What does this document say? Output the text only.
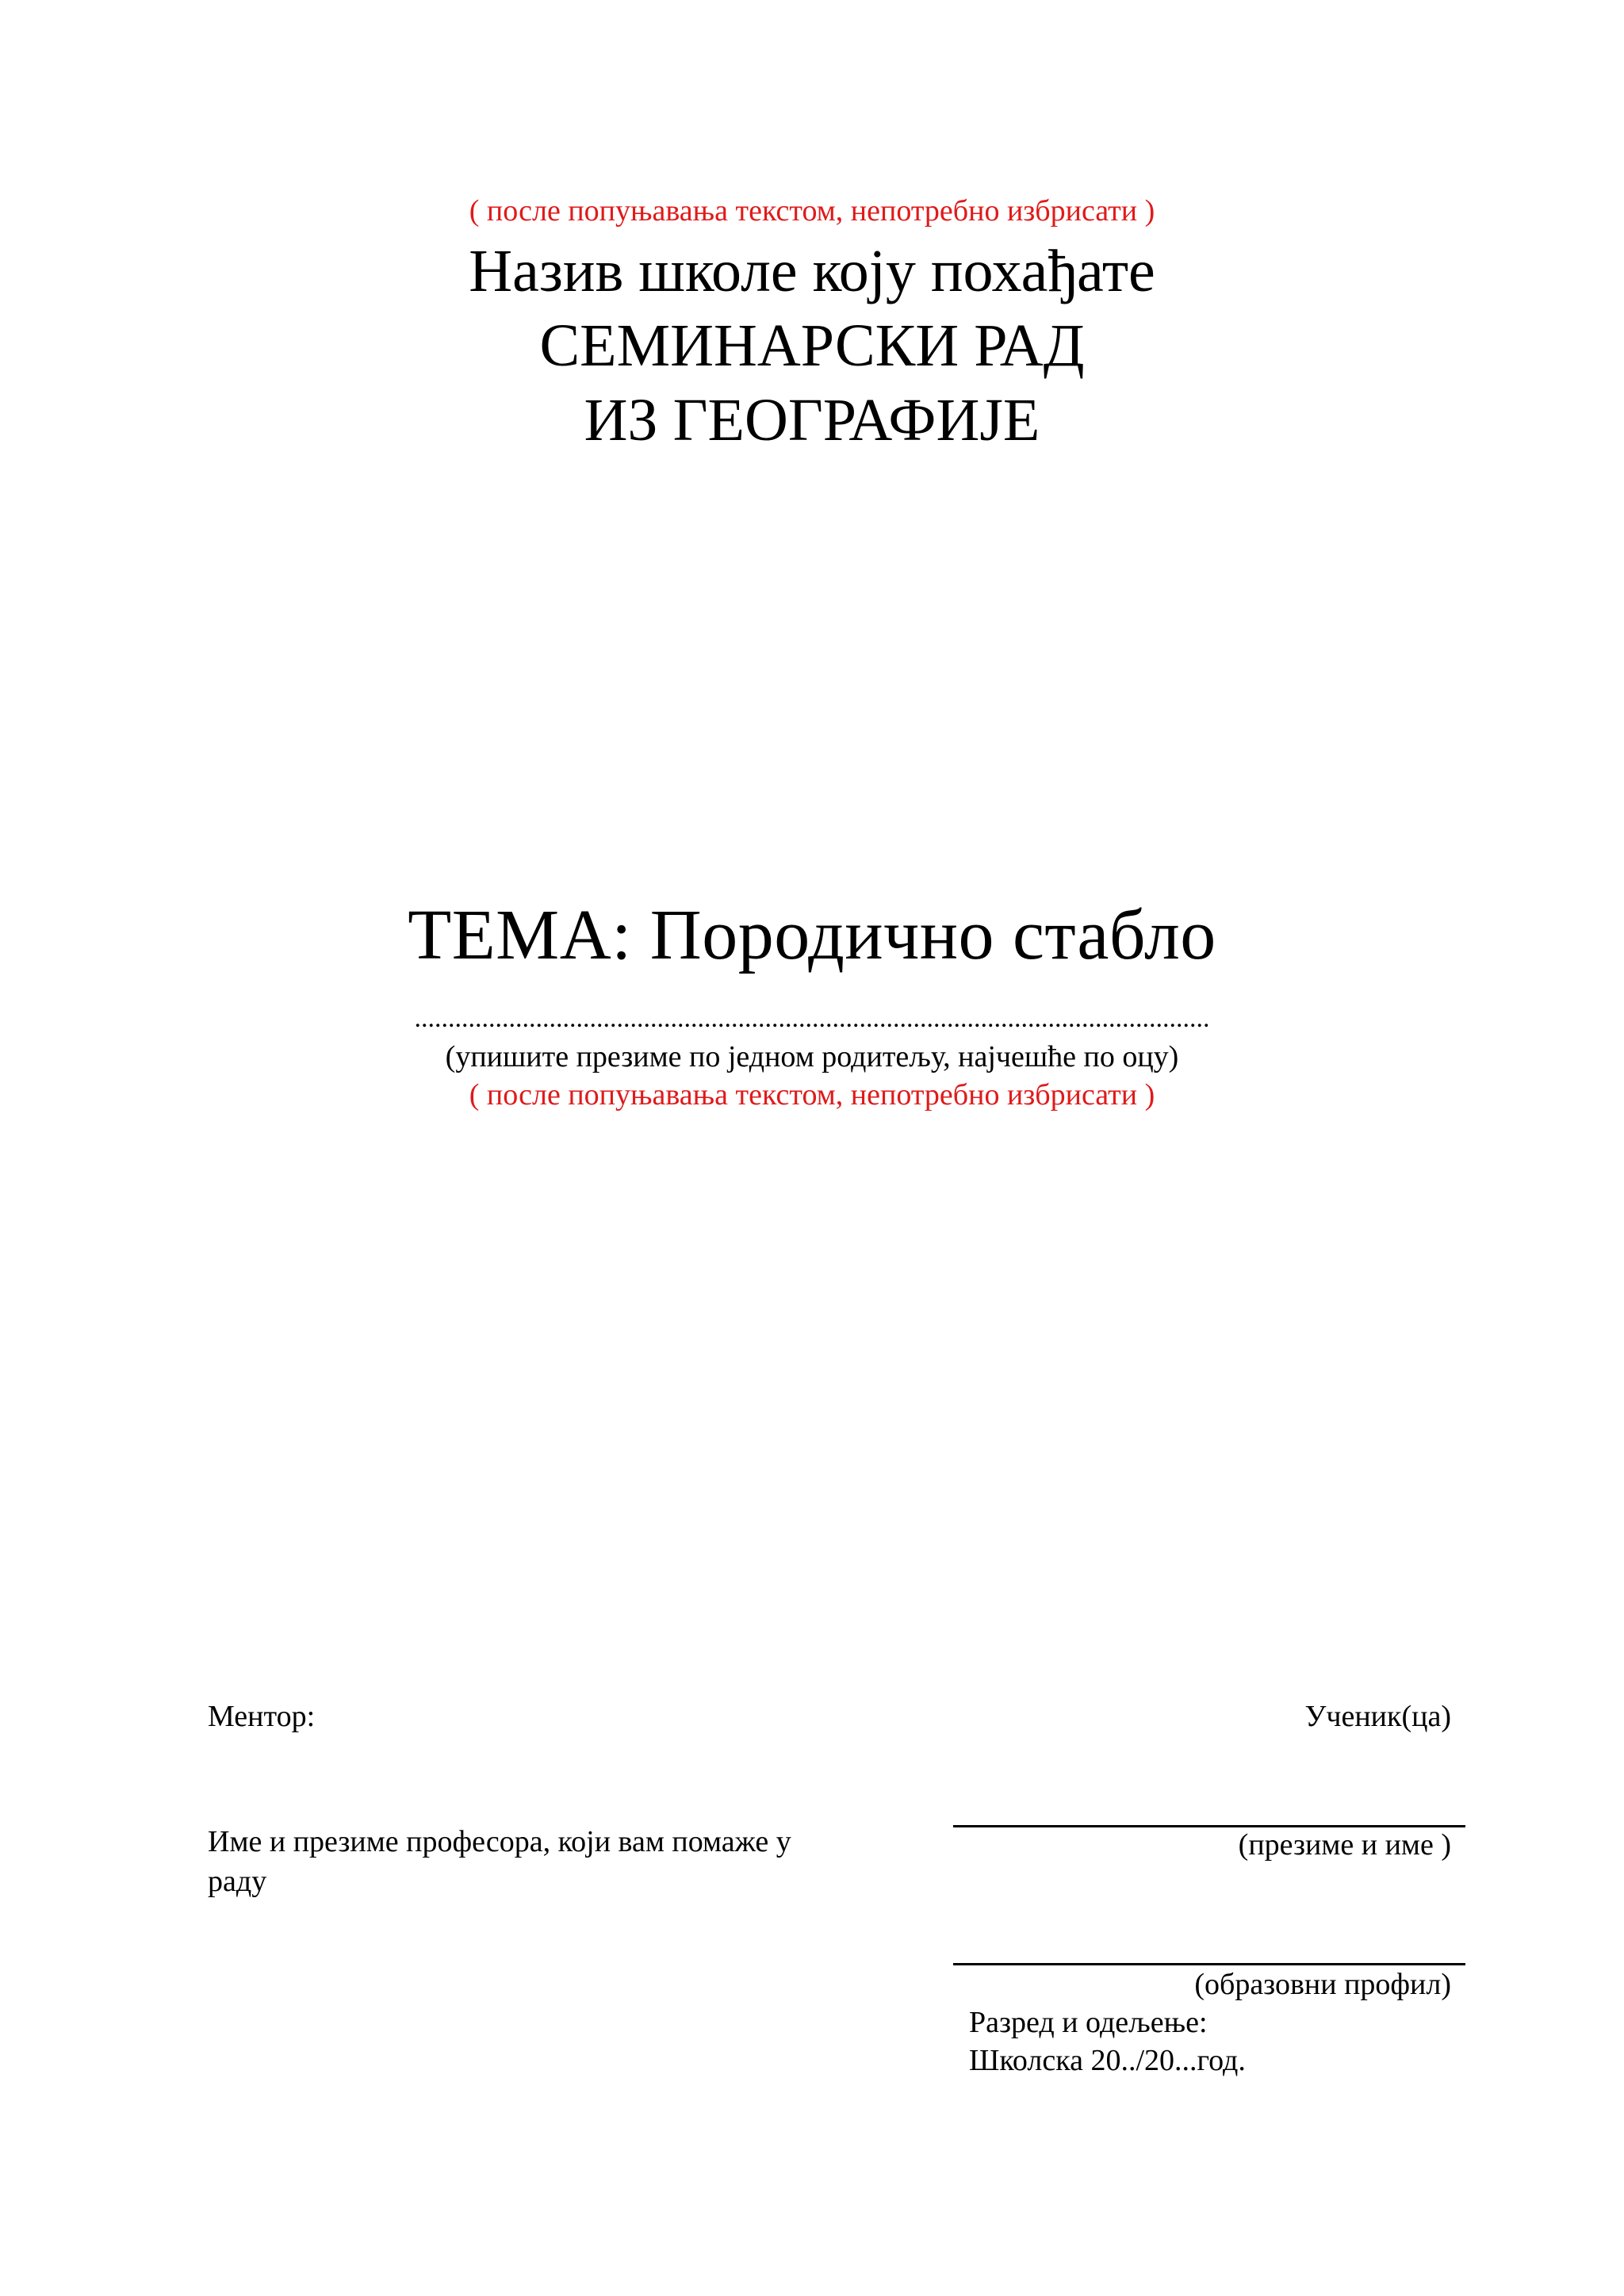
( после попуњавања текстом, непотребно избрисати )
Назив школе коју похађате
СЕМИНАРСКИ РАД
ИЗ ГЕОГРАФИЈЕ
ТЕМА: Породично стабло
......................................................................................................................
(упишите презиме по једном родитељу, најчешће по оцу)
( после попуњавања текстом, непотребно избрисати )
Ментор:	Ученик(ца)
Име и презиме професора, који вам помаже у раду
(презиме и име )
(образовни профил)
Разред и одељење:
Школска 20../20...год.
